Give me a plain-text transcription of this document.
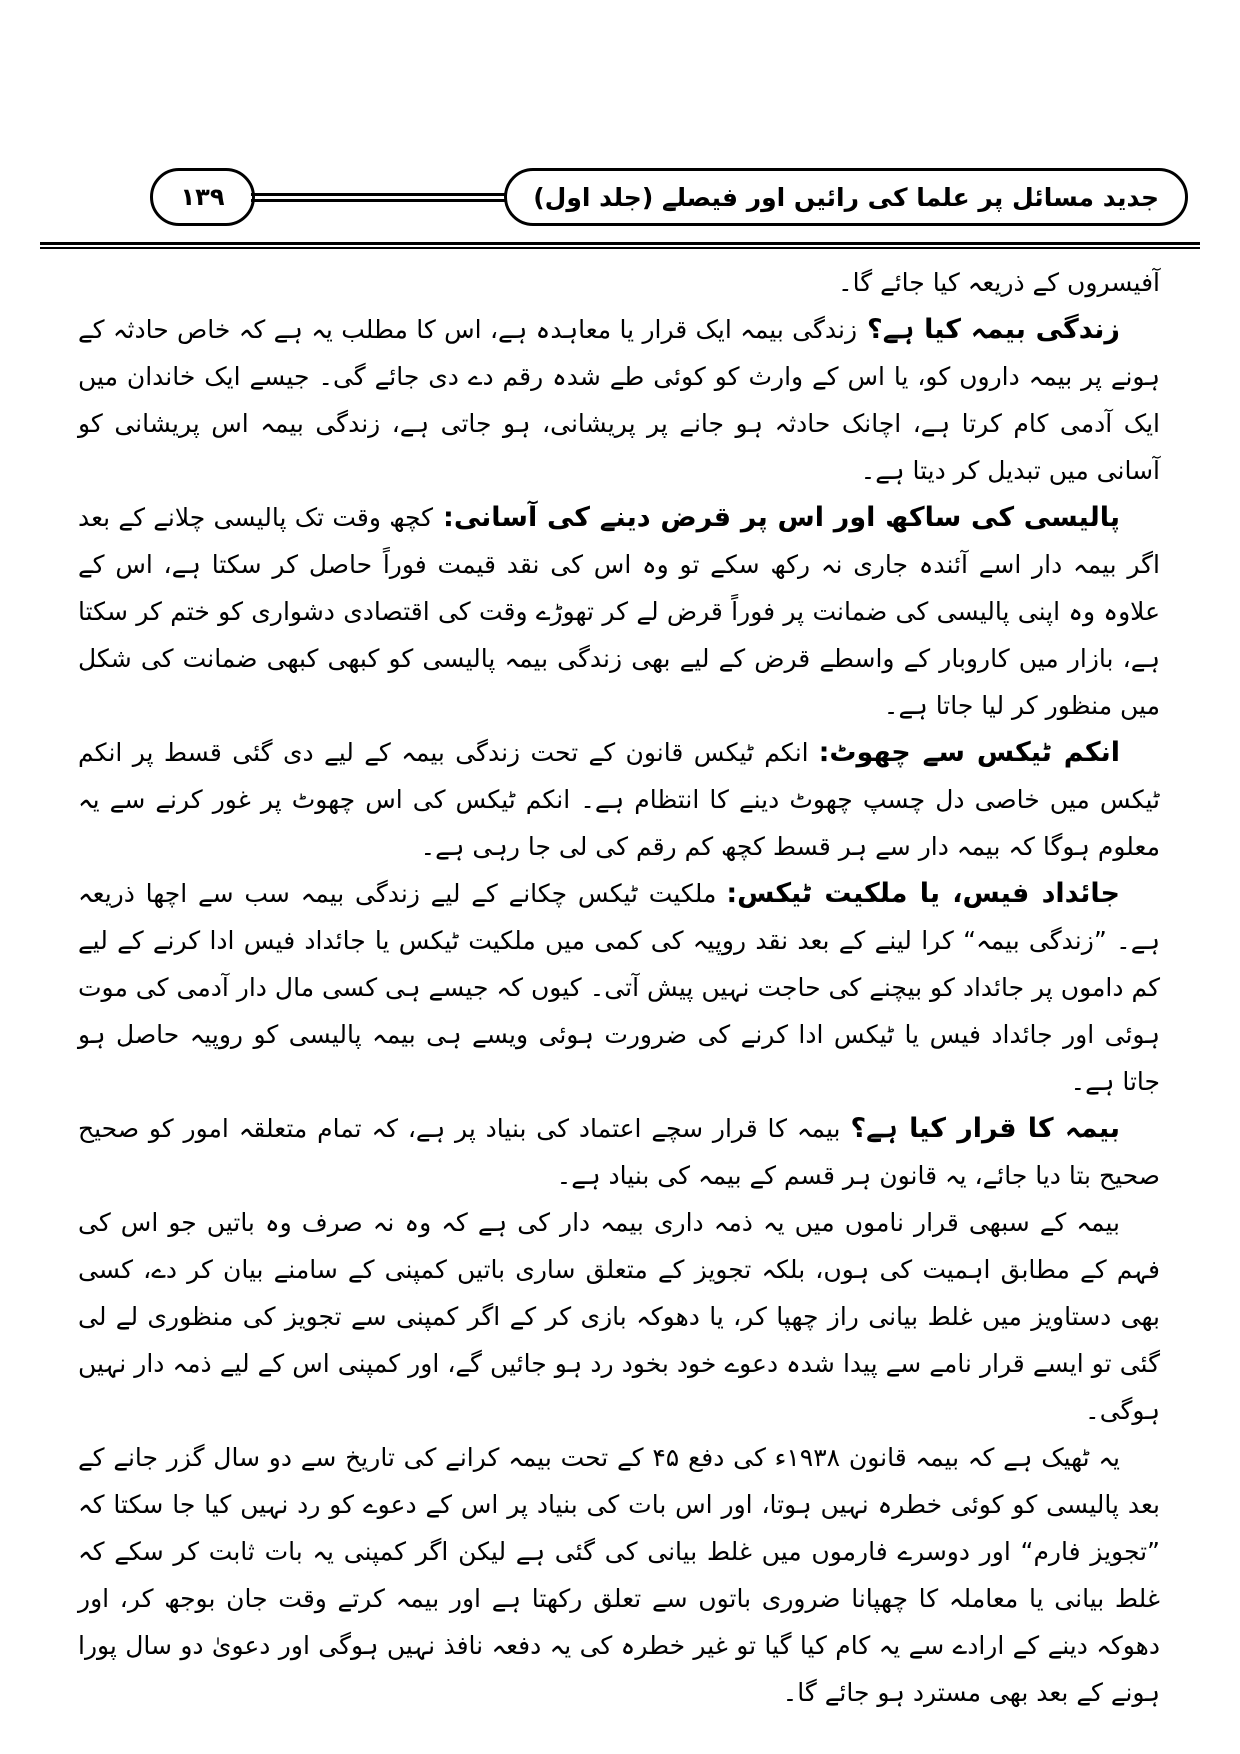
۱۳۹	جدید مسائل پر علما کی رائیں اور فیصلے (جلد اول)

آفیسروں کے ذریعہ کیا جائے گا۔

زندگی بیمہ کیا ہے؟زندگی بیمہ ایک قرار یا معاہدہ ہے، اس کا مطلب یہ ہے کہ خاص حادثہ کے ہونے پر بیمہ داروں کو، یا اس کے وارث کو کوئی طے شدہ رقم دے دی جائے گی۔ جیسے ایک خاندان میں ایک آدمی کام کرتا ہے، اچانک حادثہ ہو جانے پر پریشانی، ہو جاتی ہے، زندگی بیمہ اس پریشانی کو آسانی میں تبدیل کر دیتا ہے۔

پالیسی کی ساکھ اور اس پر قرض دینے کی آسانی:کچھ وقت تک پالیسی چلانے کے بعد اگر بیمہ دار اسے آئندہ جاری نہ رکھ سکے تو وہ اس کی نقد قیمت فوراً حاصل کر سکتا ہے، اس کے علاوہ وہ اپنی پالیسی کی ضمانت پر فوراً قرض لے کر تھوڑے وقت کی اقتصادی دشواری کو ختم کر سکتا ہے، بازار میں کاروبار کے واسطے قرض کے لیے بھی زندگی بیمہ پالیسی کو کبھی کبھی ضمانت کی شکل میں منظور کر لیا جاتا ہے۔

انکم ٹیکس سے چھوٹ:انکم ٹیکس قانون کے تحت زندگی بیمہ کے لیے دی گئی قسط پر انکم ٹیکس میں خاصی دل چسپ چھوٹ دینے کا انتظام ہے۔ انکم ٹیکس کی اس چھوٹ پر غور کرنے سے یہ معلوم ہوگا کہ بیمہ دار سے ہر قسط کچھ کم رقم کی لی جا رہی ہے۔

جائداد فیس، یا ملکیت ٹیکس:ملکیت ٹیکس چکانے کے لیے زندگی بیمہ سب سے اچھا ذریعہ ہے۔ ”زندگی بیمہ“ کرا لینے کے بعد نقد روپیہ کی کمی میں ملکیت ٹیکس یا جائداد فیس ادا کرنے کے لیے کم داموں پر جائداد کو بیچنے کی حاجت نہیں پیش آتی۔ کیوں کہ جیسے ہی کسی مال دار آدمی کی موت ہوئی اور جائداد فیس یا ٹیکس ادا کرنے کی ضرورت ہوئی ویسے ہی بیمہ پالیسی کو روپیہ حاصل ہو جاتا ہے۔

بیمہ کا قرار کیا ہے؟بیمہ کا قرار سچے اعتماد کی بنیاد پر ہے، کہ تمام متعلقہ امور کو صحیح صحیح بتا دیا جائے، یہ قانون ہر قسم کے بیمہ کی بنیاد ہے۔

بیمہ کے سبھی قرار ناموں میں یہ ذمہ داری بیمہ دار کی ہے کہ وہ نہ صرف وہ باتیں جو اس کی فہم کے مطابق اہمیت کی ہوں، بلکہ تجویز کے متعلق ساری باتیں کمپنی کے سامنے بیان کر دے، کسی بھی دستاویز میں غلط بیانی راز چھپا کر، یا دھوکہ بازی کر کے اگر کمپنی سے تجویز کی منظوری لے لی گئی تو ایسے قرار نامے سے پیدا شدہ دعوے خود بخود رد ہو جائیں گے، اور کمپنی اس کے لیے ذمہ دار نہیں ہوگی۔

یہ ٹھیک ہے کہ بیمہ قانون ۱۹۳۸ء کی دفع ۴۵ کے تحت بیمہ کرانے کی تاریخ سے دو سال گزر جانے کے بعد پالیسی کو کوئی خطرہ نہیں ہوتا، اور اس بات کی بنیاد پر اس کے دعوے کو رد نہیں کیا جا سکتا کہ ”تجویز فارم“ اور دوسرے فارموں میں غلط بیانی کی گئی ہے لیکن اگر کمپنی یہ بات ثابت کر سکے کہ غلط بیانی یا معاملہ کا چھپانا ضروری باتوں سے تعلق رکھتا ہے اور بیمہ کرتے وقت جان بوجھ کر، اور دھوکہ دینے کے ارادے سے یہ کام کیا گیا تو غیر خطرہ کی یہ دفعہ نافذ نہیں ہوگی اور دعویٰ دو سال پورا ہونے کے بعد بھی مسترد ہو جائے گا۔
